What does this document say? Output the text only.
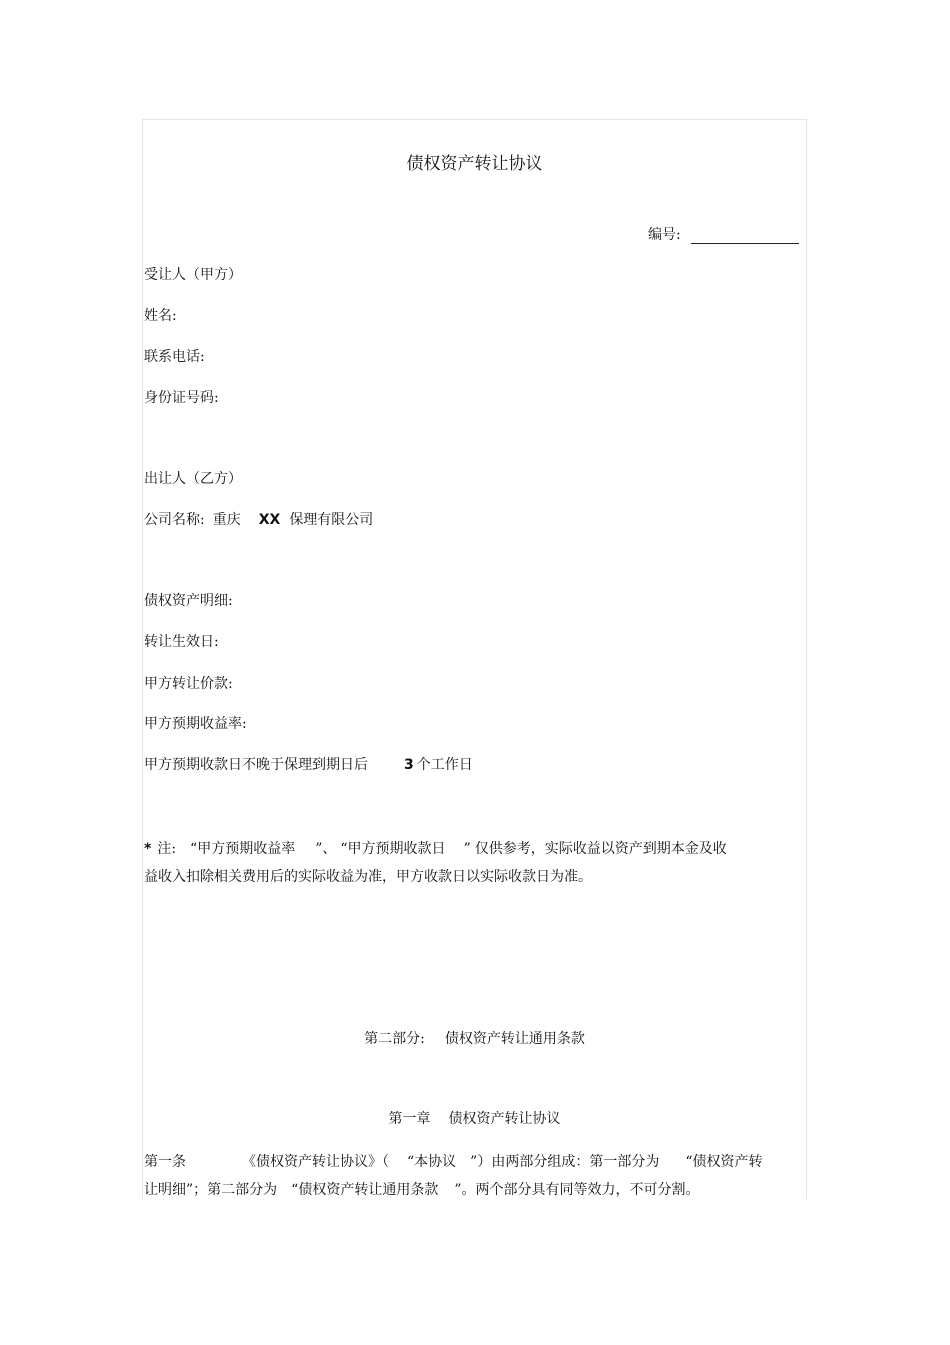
债权资产转让协议
编号:
受让人（甲方）
姓名:
联系电话:
身份证号码:
出让人（乙方）
公司名称: 重庆 XX 保理有限公司
债权资产明细:
转让生效日:
甲方转让价款:
甲方预期收益率:
甲方预期收款日不晚于保理到期日后	3 个工作日
* 注: “甲方预期收益率 ”、 “甲方预期收款日 ” 仅供参考，实际收益以资产到期本金及收
益收入扣除相关费用后的实际收益为准，甲方收款日以实际收款日为准。
第二部分: 债权资产转让通用条款
第一章 债权资产转让协议
第一条	《债权资产转让协议》（ “本协议 ”）由两部分组成：第一部分为 “债权资产转
让明细”；第二部分为 “债权资产转让通用条款 ”。两个部分具有同等效力，不可分割。
